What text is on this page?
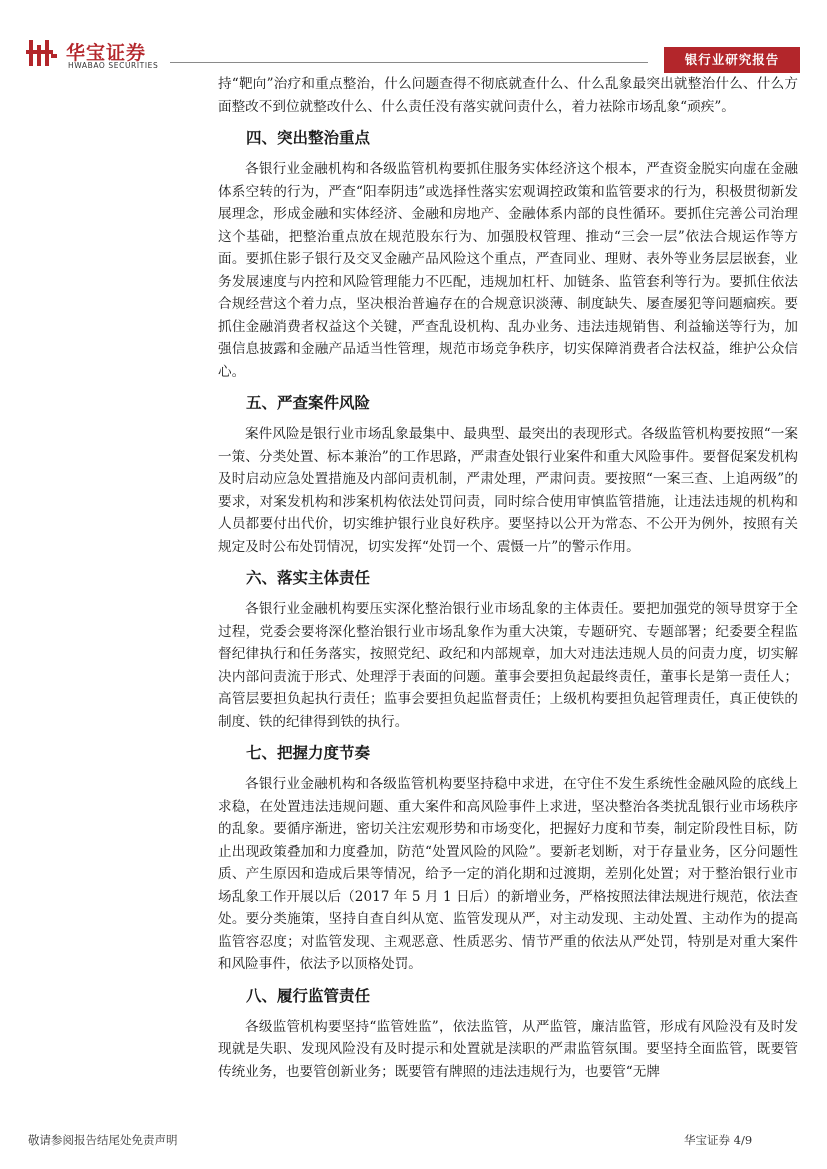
华宝证券
HWABAO SECURITIES	银行业研究报告

持“靶向”治疗和重点整治，什么问题查得不彻底就查什么、什么乱象最突出就整治什么、什么方面整改不到位就整改什么、什么责任没有落实就问责什么，着力祛除市场乱象“顽疾”。

四、突出整治重点

各银行业金融机构和各级监管机构要抓住服务实体经济这个根本，严查资金脱实向虚在金融体系空转的行为，严查“阳奉阴违”或选择性落实宏观调控政策和监管要求的行为，积极贯彻新发展理念，形成金融和实体经济、金融和房地产、金融体系内部的良性循环。要抓住完善公司治理这个基础，把整治重点放在规范股东行为、加强股权管理、推动“三会一层”依法合规运作等方面。要抓住影子银行及交叉金融产品风险这个重点，严查同业、理财、表外等业务层层嵌套，业务发展速度与内控和风险管理能力不匹配，违规加杠杆、加链条、监管套利等行为。要抓住依法合规经营这个着力点，坚决根治普遍存在的合规意识淡薄、制度缺失、屡查屡犯等问题痼疾。要抓住金融消费者权益这个关键，严查乱设机构、乱办业务、违法违规销售、利益输送等行为，加强信息披露和金融产品适当性管理，规范市场竞争秩序，切实保障消费者合法权益，维护公众信心。

五、严查案件风险

案件风险是银行业市场乱象最集中、最典型、最突出的表现形式。各级监管机构要按照“一案一策、分类处置、标本兼治”的工作思路，严肃查处银行业案件和重大风险事件。要督促案发机构及时启动应急处置措施及内部问责机制，严肃处理，严肃问责。要按照“一案三查、上追两级”的要求，对案发机构和涉案机构依法处罚问责，同时综合使用审慎监管措施，让违法违规的机构和人员都要付出代价，切实维护银行业良好秩序。要坚持以公开为常态、不公开为例外，按照有关规定及时公布处罚情况，切实发挥“处罚一个、震慑一片”的警示作用。

六、落实主体责任

各银行业金融机构要压实深化整治银行业市场乱象的主体责任。要把加强党的领导贯穿于全过程，党委会要将深化整治银行业市场乱象作为重大决策，专题研究、专题部署；纪委要全程监督纪律执行和任务落实，按照党纪、政纪和内部规章，加大对违法违规人员的问责力度，切实解决内部问责流于形式、处理浮于表面的问题。董事会要担负起最终责任，董事长是第一责任人；高管层要担负起执行责任；监事会要担负起监督责任；上级机构要担负起管理责任，真正使铁的制度、铁的纪律得到铁的执行。

七、把握力度节奏

各银行业金融机构和各级监管机构要坚持稳中求进，在守住不发生系统性金融风险的底线上求稳，在处置违法违规问题、重大案件和高风险事件上求进，坚决整治各类扰乱银行业市场秩序的乱象。要循序渐进，密切关注宏观形势和市场变化，把握好力度和节奏，制定阶段性目标，防止出现政策叠加和力度叠加，防范“处置风险的风险”。要新老划断，对于存量业务，区分问题性质、产生原因和造成后果等情况，给予一定的消化期和过渡期，差别化处置；对于整治银行业市场乱象工作开展以后（2017 年 5 月 1 日后）的新增业务，严格按照法律法规进行规范，依法查处。要分类施策，坚持自查自纠从宽、监管发现从严，对主动发现、主动处置、主动作为的提高监管容忍度；对监管发现、主观恶意、性质恶劣、情节严重的依法从严处罚，特别是对重大案件和风险事件，依法予以顶格处罚。

八、履行监管责任

各级监管机构要坚持“监管姓监”，依法监管，从严监管，廉洁监管，形成有风险没有及时发现就是失职、发现风险没有及时提示和处置就是渎职的严肃监管氛围。要坚持全面监管，既要管传统业务，也要管创新业务；既要管有牌照的违法违规行为，也要管“无牌

敬请参阅报告结尾处免责声明	华宝证券 4/9
